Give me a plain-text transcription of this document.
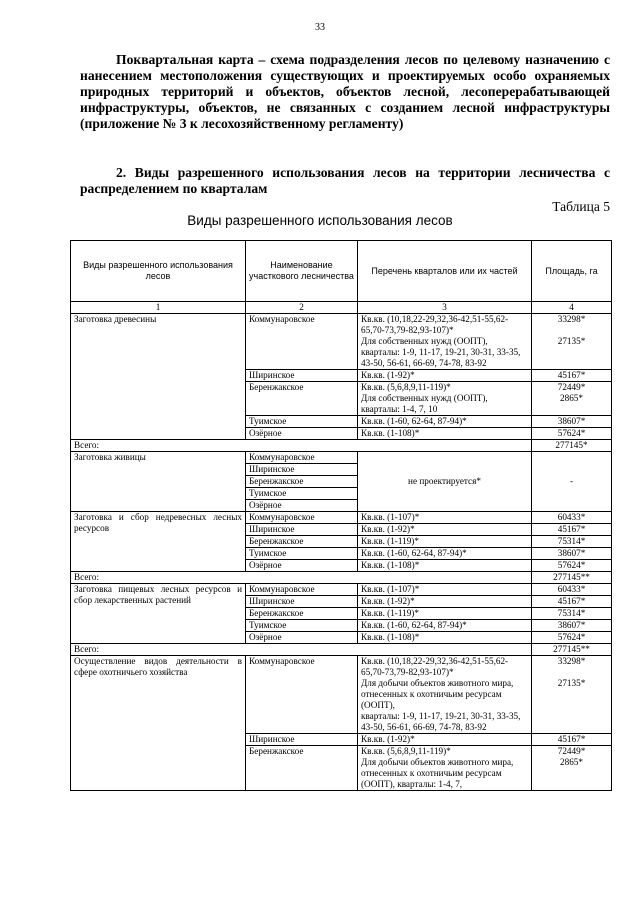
33
Поквартальная карта – схема подразделения лесов по целевому назначению с нанесением местоположения существующих и проектируемых особо охраняемых природных территорий и объектов, объектов лесной, лесоперерабатывающей инфраструктуры, объектов, не связанных с созданием лесной инфраструктуры (приложение № 3 к лесохозяйственному регламенту)
2. Виды разрешенного использования лесов на территории лесничества с распределением по кварталам
Таблица 5
Виды разрешенного использования лесов
Виды разрешенного использования лесов	Наименование участкового лесничества	Перечень кварталов или их частей	Площадь, га
1	2	3	4
Заготовка древесины	Коммунаровское	Кв.кв. (10,18,22-29,32,36-42,51-55,62-65,70-73,79-82,93-107)*
Для собственных нужд (ООПТ), кварталы: 1-9, 11-17, 19-21, 30-31, 33-35, 43-50, 56-61, 66-69, 74-78, 83-92	33298*
27135*

	Ширинское	Кв.кв. (1-92)*	45167*
	Беренжакское	Кв.кв. (5,6,8,9,11-119)*
Для собственных нужд (ООПТ), кварталы: 1-4, 7, 10	72449*
2865*

	Туимское	Кв.кв. (1-60, 62-64, 87-94)*	38607*
	Озёрное	Кв.кв. (1-108)*	57624*
Всего:			277145*
Заготовка живицы	Коммунаровское	не проектируется*	-
	Ширинское		
	Беренжакское		
	Туимское		
	Озёрное		
Заготовка и сбор недревесных лесных ресурсов	Коммунаровское	Кв.кв. (1-107)*	60433*
	Ширинское	Кв.кв. (1-92)*	45167*
	Беренжакское	Кв.кв. (1-119)*	75314*
	Туимское	Кв.кв. (1-60, 62-64, 87-94)*	38607*
	Озёрное	Кв.кв. (1-108)*	57624*
Всего:			277145**
Заготовка пищевых лесных ресурсов и сбор лекарственных растений	Коммунаровское	Кв.кв. (1-107)*	60433*
	Ширинское	Кв.кв. (1-92)*	45167*
	Беренжакское	Кв.кв. (1-119)*	75314*
	Туимское	Кв.кв. (1-60, 62-64, 87-94)*	38607*
	Озёрное	Кв.кв. (1-108)*	57624*
Всего:			277145**
Осуществление видов деятельности в сфере охотничьего хозяйства	Коммунаровское	Кв.кв. (10,18,22-29,32,36-42,51-55,62-65,70-73,79-82,93-107)*
Для добычи объектов животного мира, отнесенных к охотничьим ресурсам (ООПТ),
кварталы: 1-9, 11-17, 19-21, 30-31, 33-35, 43-50, 56-61, 66-69, 74-78, 83-92	33298*
27135*

	Ширинское	Кв.кв. (1-92)*	45167*
	Беренжакское	Кв.кв. (5,6,8,9,11-119)*
Для добычи объектов животного мира, отнесенных к охотничьим ресурсам (ООПТ), кварталы: 1-4, 7,	72449*
2865*
